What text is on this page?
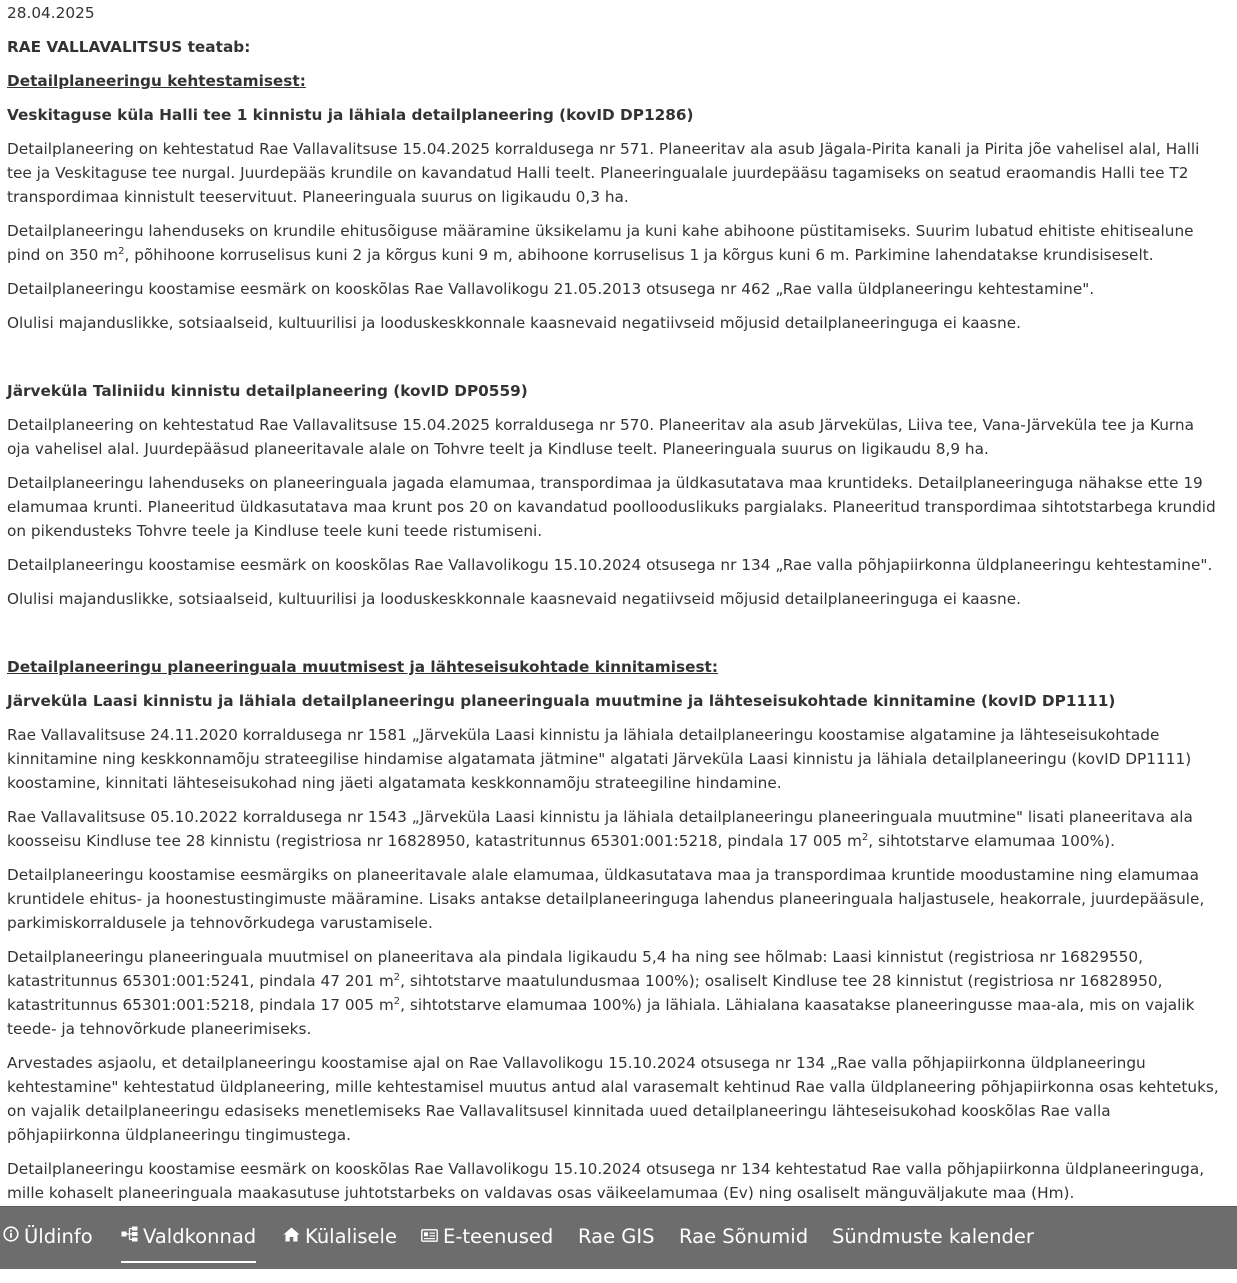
28.04.2025

RAE VALLAVALITSUS teatab:

Detailplaneeringu kehtestamisest:

Veskitaguse küla Halli tee 1 kinnistu ja lähiala detailplaneering (kovID DP1286)

Detailplaneering on kehtestatud Rae Vallavalitsuse 15.04.2025 korraldusega nr 571. Planeeritav ala asub Jägala-Pirita kanali ja Pirita jõe vahelisel alal, Halli tee ja Veskitaguse tee nurgal. Juurdepääs krundile on kavandatud Halli teelt. Planeeringualale juurdepääsu tagamiseks on seatud eraomandis Halli tee T2 transpordimaa kinnistult teeservituut. Planeeringuala suurus on ligikaudu 0,3 ha.

Detailplaneeringu lahenduseks on krundile ehitusõiguse määramine üksikelamu ja kuni kahe abihoone püstitamiseks. Suurim lubatud ehitiste ehitisealune pind on 350 $m^2$, põhihoone korruselisus kuni 2 ja kõrgus kuni 9 m, abihoone korruselisus 1 ja kõrgus kuni 6 m. Parkimine lahendatakse krundisiseselt.

Detailplaneeringu koostamise eesmärk on kooskõlas Rae Vallavolikogu 21.05.2013 otsusega nr 462 „Rae valla üldplaneeringu kehtestamine".

Olulisi majanduslikke, sotsiaalseid, kultuurilisi ja looduskeskkonnale kaasnevaid negatiivseid mõjusid detailplaneeringuga ei kaasne.

Järveküla Taliniidu kinnistu detailplaneering (kovID DP0559)

Detailplaneering on kehtestatud Rae Vallavalitsuse 15.04.2025 korraldusega nr 570. Planeeritav ala asub Järvekülas, Liiva tee, Vana-Järveküla tee ja Kurna oja vahelisel alal. Juurdepääsud planeeritavale alale on Tohvre teelt ja Kindluse teelt. Planeeringuala suurus on ligikaudu 8,9 ha.

Detailplaneeringu lahenduseks on planeeringuala jagada elamumaa, transpordimaa ja üldkasutatava maa kruntideks. Detailplaneeringuga nähakse ette 19 elamumaa krunti. Planeeritud üldkasutatava maa krunt pos 20 on kavandatud poollooduslikuks pargialaks. Planeeritud transpordimaa sihtotstarbega krundid on pikendusteks Tohvre teele ja Kindluse teele kuni teede ristumiseni.

Detailplaneeringu koostamise eesmärk on kooskõlas Rae Vallavolikogu 15.10.2024 otsusega nr 134 „Rae valla põhjapiirkonna üldplaneeringu kehtestamine".

Olulisi majanduslikke, sotsiaalseid, kultuurilisi ja looduskeskkonnale kaasnevaid negatiivseid mõjusid detailplaneeringuga ei kaasne.

Detailplaneeringu planeeringuala muutmisest ja lähteseisukohtade kinnitamisest:

Järveküla Laasi kinnistu ja lähiala detailplaneeringu planeeringuala muutmine ja lähteseisukohtade kinnitamine (kovID DP1111)

Rae Vallavalitsuse 24.11.2020 korraldusega nr 1581 „Järveküla Laasi kinnistu ja lähiala detailplaneeringu koostamise algatamine ja lähteseisukohtade kinnitamine ning keskkonnamõju strateegilise hindamise algatamata jätmine" algatati Järveküla Laasi kinnistu ja lähiala detailplaneeringu (kovID DP1111) koostamine, kinnitati lähteseisukohad ning jäeti algatamata keskkonnamõju strateegiline hindamine.

Rae Vallavalitsuse 05.10.2022 korraldusega nr 1543 „Järveküla Laasi kinnistu ja lähiala detailplaneeringu planeeringuala muutmine" lisati planeeritava ala koosseisu Kindluse tee 28 kinnistu (registriosa nr 16828950, katastritunnus 65301:001:5218, pindala 17 005 $m^2$, sihtotstarve elamumaa 100%).

Detailplaneeringu koostamise eesmärgiks on planeeritavale alale elamumaa, üldkasutatava maa ja transpordimaa kruntide moodustamine ning elamumaa kruntidele ehitus- ja hoonestustingimuste määramine. Lisaks antakse detailplaneeringuga lahendus planeeringuala haljastusele, heakorrale, juurdepääsule, parkimiskorraldusele ja tehnovõrkudega varustamisele.

Detailplaneeringu planeeringuala muutmisel on planeeritava ala pindala ligikaudu 5,4 ha ning see hõlmab: Laasi kinnistut (registriosa nr 16829550, katastritunnus 65301:001:5241, pindala 47 201 $m^2$, sihtotstarve maatulundusmaa 100%); osaliselt Kindluse tee 28 kinnistut (registriosa nr 16828950, katastritunnus 65301:001:5218, pindala 17 005 $m^2$, sihtotstarve elamumaa 100%) ja lähiala. Lähialana kaasatakse planeeringusse maa-ala, mis on vajalik teede- ja tehnovõrkude planeerimiseks.

Arvestades asjaolu, et detailplaneeringu koostamise ajal on Rae Vallavolikogu 15.10.2024 otsusega nr 134 „Rae valla põhjapiirkonna üldplaneeringu kehtestamine" kehtestatud üldplaneering, mille kehtestamisel muutus antud alal varasemalt kehtinud Rae valla üldplaneering põhjapiirkonna osas kehtetuks, on vajalik detailplaneeringu edasiseks menetlemiseks Rae Vallavalitsusel kinnitada uued detailplaneeringu lähteseisukohad kooskõlas Rae valla põhjapiirkonna üldplaneeringu tingimustega.

Detailplaneeringu koostamise eesmärk on kooskõlas Rae Vallavolikogu 15.10.2024 otsusega nr 134 kehtestatud Rae valla põhjapiirkonna üldplaneeringuga, mille kohaselt planeeringuala maakasutuse juhtotstarbeks on valdavas osas väikeelamumaa (Ev) ning osaliselt mänguväljakute maa (Hm).

Üldinfo	Valdkonnad	Külalisele	E-teenused Rae GIS Rae Sõnumid Sündmuste kalender
